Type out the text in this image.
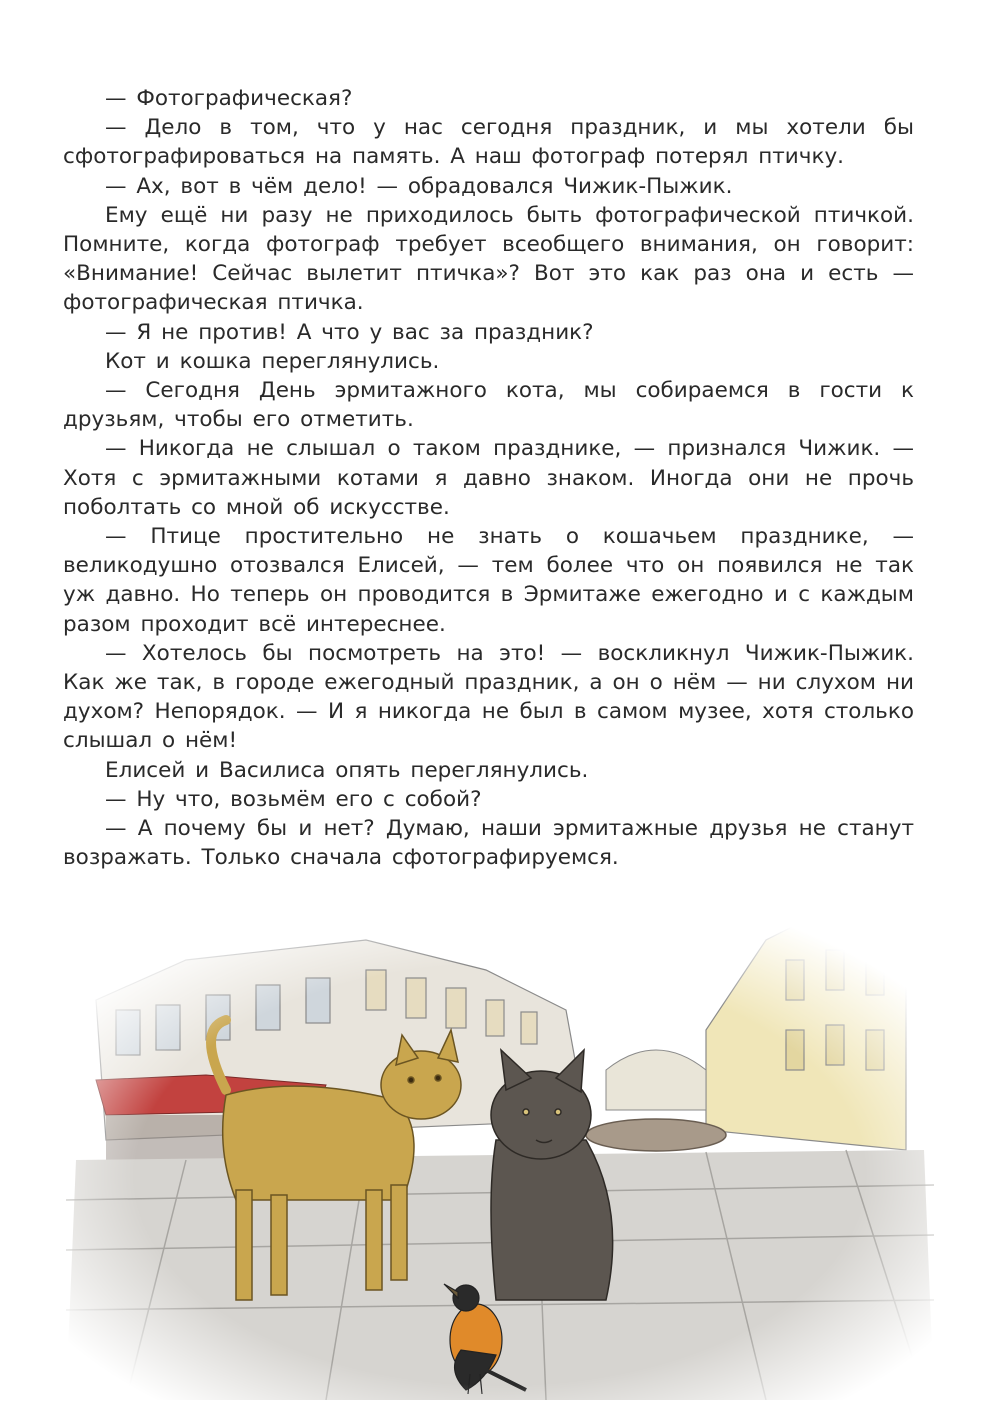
— Фотографическая?

— Дело в том, что у нас сегодня праздник, и мы хотели бы сфотографироваться на память. А наш фотограф потерял птичку.

— Ах, вот в чём дело! — обрадовался Чижик-Пыжик.

Ему ещё ни разу не приходилось быть фотографической птичкой. Помните, когда фотограф требует всеобщего внимания, он говорит: «Внимание! Сейчас вылетит птичка»? Вот это как раз она и есть — фотографическая птичка.

— Я не против! А что у вас за праздник?

Кот и кошка переглянулись.

— Сегодня День эрмитажного кота, мы собираемся в гости к друзьям, чтобы его отметить.

— Никогда не слышал о таком празднике, — признался Чижик. — Хотя с эрмитажными котами я давно знаком. Иногда они не прочь поболтать со мной об искусстве.

— Птице простительно не знать о кошачьем празднике, — великодушно отозвался Елисей, — тем более что он появился не так уж давно. Но теперь он проводится в Эрмитаже ежегодно и с каждым разом проходит всё интереснее.

— Хотелось бы посмотреть на это! — воскликнул Чижик-Пыжик. Как же так, в городе ежегодный праздник, а он о нём — ни слухом ни духом? Непорядок. — И я никогда не был в самом музее, хотя столько слышал о нём!

Елисей и Василиса опять переглянулись.

— Ну что, возьмём его с собой?

— А почему бы и нет? Думаю, наши эрмитажные друзья не станут возражать. Только сначала сфотографируемся.
